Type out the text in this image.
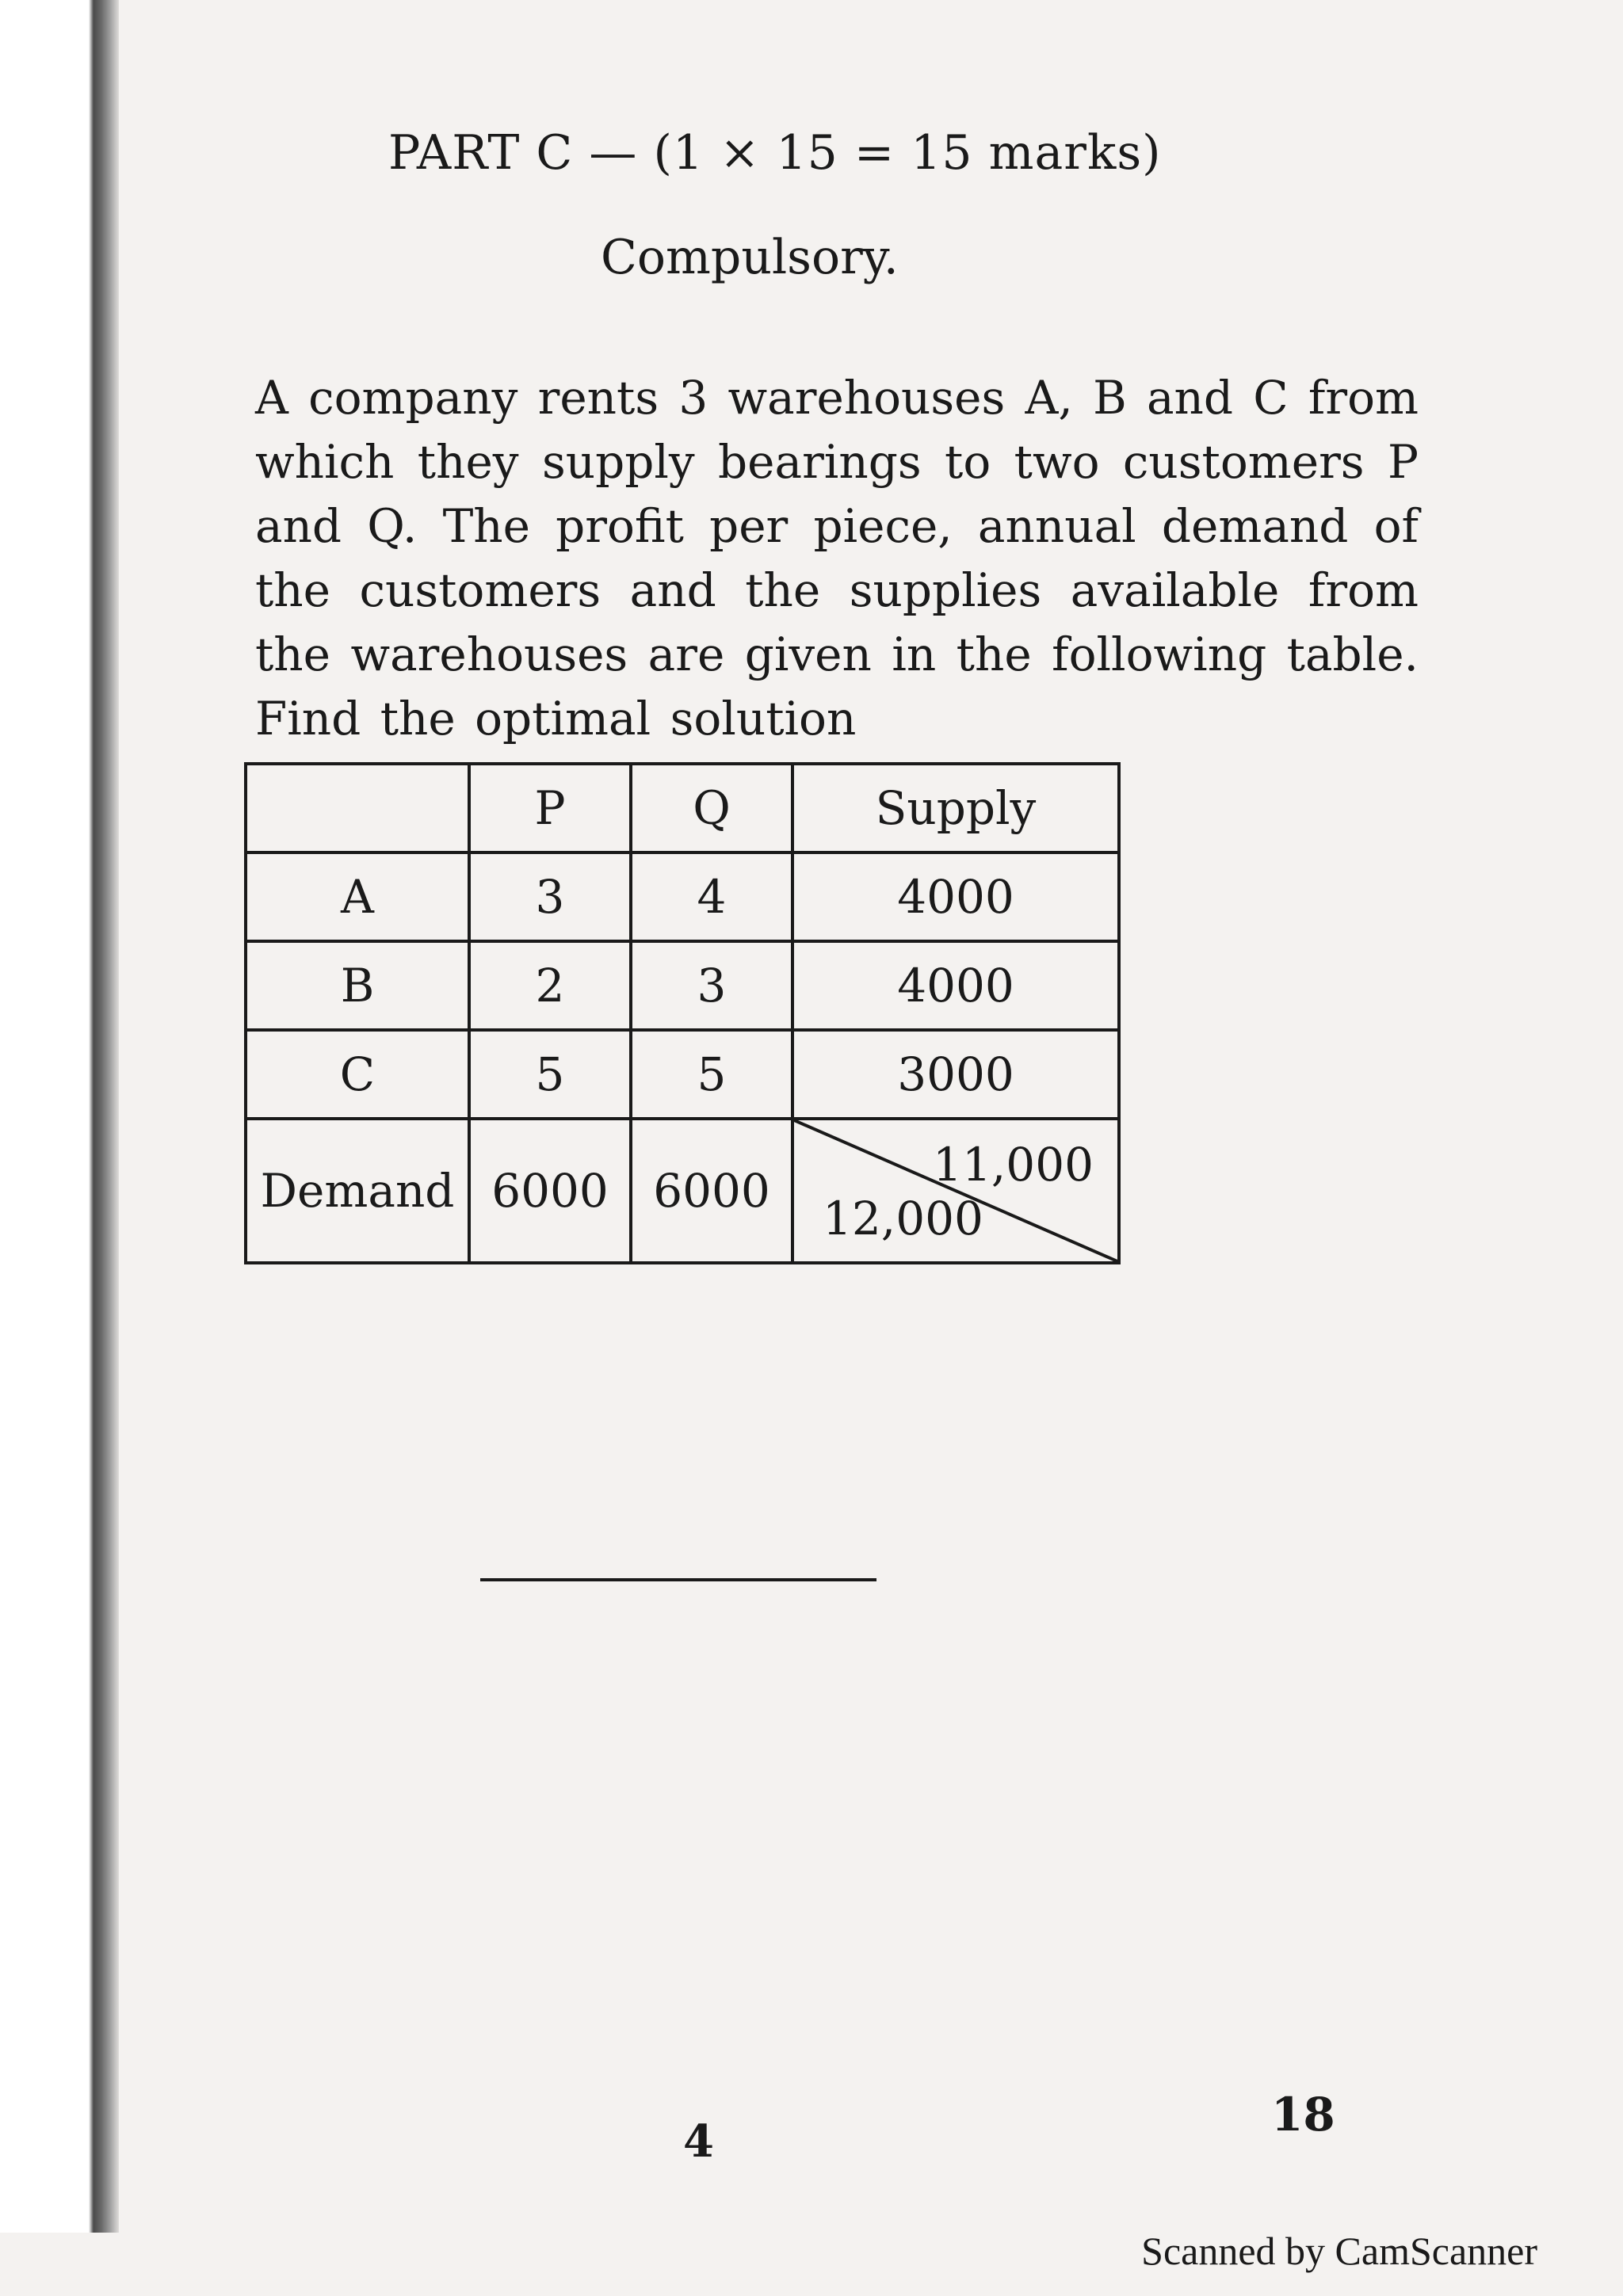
PART C — (1 × 15 = 15 marks)
Compulsory.
A company rents 3 warehouses A, B and C from which they supply bearings to two customers P and Q. The profit per piece, annual demand of the customers and the supplies available from the warehouses are given in the following table. Find the optimal solution
	P	Q	Supply
A	3	4	4000
B	2	3	4000
C	5	5	3000
Demand	6000	6000	11,000
12,000
4	18
Scanned by CamScanner
